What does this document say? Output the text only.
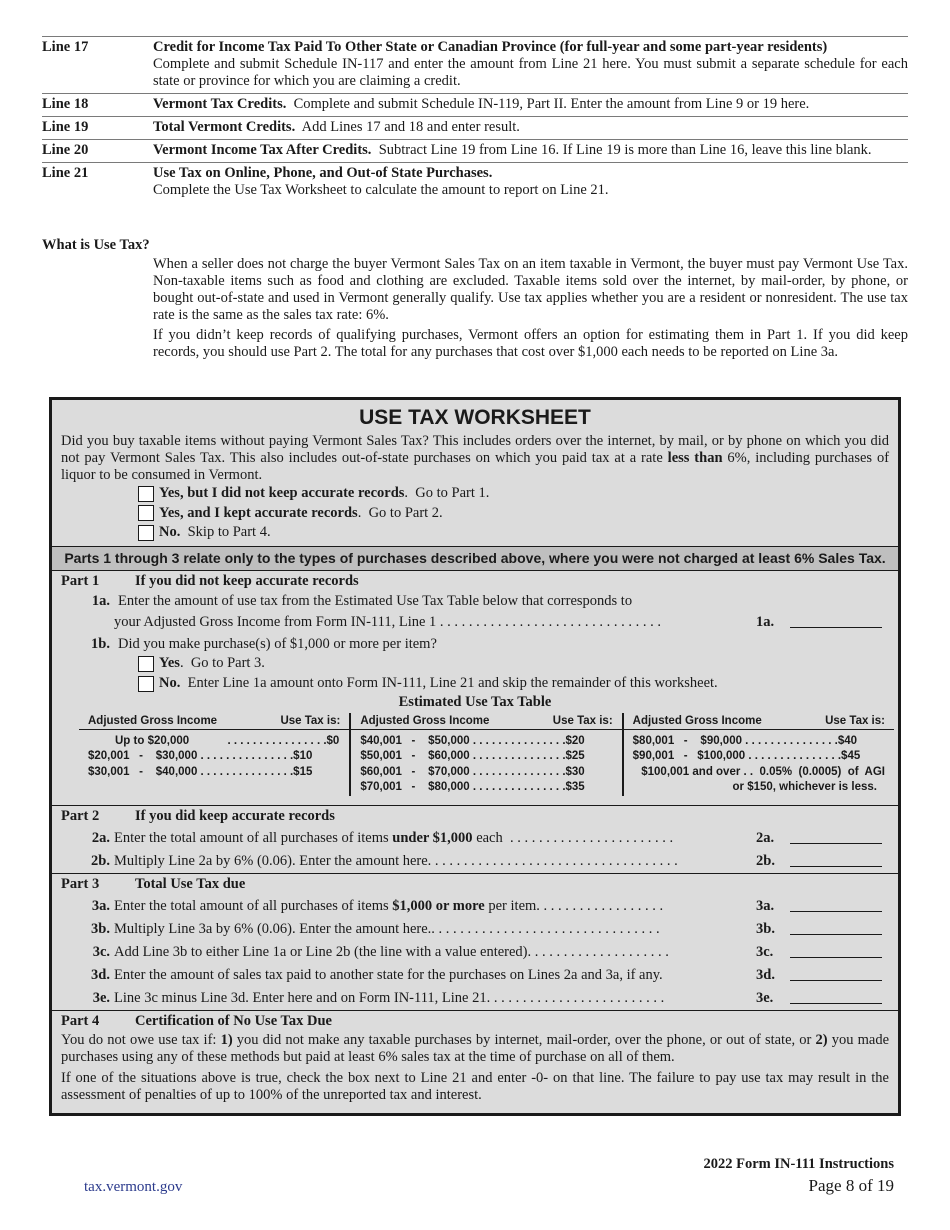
Line 17	Credit for Income Tax Paid To Other State or Canadian Province (for full-year and some part-year residents)
Complete and submit Schedule IN-117 and enter the amount from Line 21 here. You must submit a separate schedule for each state or province for which you are claiming a credit.
Line 18	Vermont Tax Credits. Complete and submit Schedule IN-119, Part II. Enter the amount from Line 9 or 19 here.
Line 19	Total Vermont Credits. Add Lines 17 and 18 and enter result.
Line 20	Vermont Income Tax After Credits. Subtract Line 19 from Line 16. If Line 19 is more than Line 16, leave this line blank.
Line 21	Use Tax on Online, Phone, and Out-of State Purchases.
Complete the Use Tax Worksheet to calculate the amount to report on Line 21.
What is Use Tax?

When a seller does not charge the buyer Vermont Sales Tax on an item taxable in Vermont, the buyer must pay Vermont Use Tax. Non-taxable items such as food and clothing are excluded. Taxable items sold over the internet, by mail-order, by phone, or bought out-of-state and used in Vermont generally qualify. Use tax applies whether you are a resident or nonresident. The use tax rate is the same as the sales tax rate: 6%.

If you didn’t keep records of qualifying purchases, Vermont offers an option for estimating them in Part 1. If you did keep records, you should use Part 2. The total for any purchases that cost over $1,000 each needs to be reported on Line 3a.

USE TAX WORKSHEET
Did you buy taxable items without paying Vermont Sales Tax? This includes orders over the internet, by mail, or by phone on which you did not pay Vermont Sales Tax. This also includes out-of-state purchases on which you paid tax at a rate less than 6%, including purchases of liquor to be consumed in Vermont.
Yes, but I did not keep accurate records .  Go to Part 1.
Yes, and I kept accurate records .  Go to Part 2.
No. Skip to Part 4.
Parts 1 through 3 relate only to the types of purchases described above, where you were not charged at least 6% Sales Tax.
Part 1	If you did not keep accurate records
1a. Enter the amount of use tax from the Estimated Use Tax Table below that corresponds to
your Adjusted Gross Income from Form IN-111, Line 1 . . . . . . . . . . . . . . . . . . . . . . . . . . . . . . .	1a.
1b. Did you make purchase(s) of $1,000 or more per item?
Yes .  Go to Part 3.
No. Enter Line 1a amount onto Form IN-111, Line 21 and skip the remainder of this worksheet.
Estimated Use Tax Table
Adjusted Gross Income	Use Tax is:
Up to $20,000            . . . . . . . . . . . . . . . .$0
$20,001   -    $30,000 . . . . . . . . . . . . . . .$10
$30,001   -    $40,000 . . . . . . . . . . . . . . .$15
Adjusted Gross Income	Use Tax is:
$40,001   -    $50,000 . . . . . . . . . . . . . . .$20
$50,001   -    $60,000 . . . . . . . . . . . . . . .$25
$60,001   -    $70,000 . . . . . . . . . . . . . . .$30
$70,001   -    $80,000 . . . . . . . . . . . . . . .$35
Adjusted Gross Income	Use Tax is:
$80,001   -    $90,000 . . . . . . . . . . . . . . .$40
$90,001   -   $100,000 . . . . . . . . . . . . . . .$45
$100,001 and over . .  0.05%  (0.0005)  of  AGI
or $150, whichever is less.
Part 2	If you did keep accurate records
2a. Enter the total amount of all purchases of items under $1,000 each  . . . . . . . . . . . . . . . . . . . . . . .	2a.
2b. Multiply Line 2a by 6% (0.06). Enter the amount here. . . . . . . . . . . . . . . . . . . . . . . . . . . . . . . . . . .	2b.
Part 3	Total Use Tax due
3a. Enter the total amount of all purchases of items $1,000 or more per item. . . . . . . . . . . . . . . . . .	3a.
3b. Multiply Line 3a by 6% (0.06). Enter the amount here.. . . . . . . . . . . . . . . . . . . . . . . . . . . . . . . .	3b.
3c. Add Line 3b to either Line 1a or Line 2b (the line with a value entered). . . . . . . . . . . . . . . . . . . .	3c.
3d. Enter the amount of sales tax paid to another state for the purchases on Lines 2a and 3a, if any.	3d.
3e. Line 3c minus Line 3d. Enter here and on Form IN-111, Line 21. . . . . . . . . . . . . . . . . . . . . . . . .	3e.
Part 4	Certification of No Use Tax Due
You do not owe use tax if: 1) you did not make any taxable purchases by internet, mail-order, over the phone, or out of state, or 2) you made purchases using any of these methods but paid at least 6% sales tax at the time of purchase on all of them.
If one of the situations above is true, check the box next to Line 21 and enter -0- on that line. The failure to pay use tax may result in the assessment of penalties of up to 100% of the unreported tax and interest.
2022 Form IN-111 Instructions
Page 8 of 19
tax.vermont.gov
